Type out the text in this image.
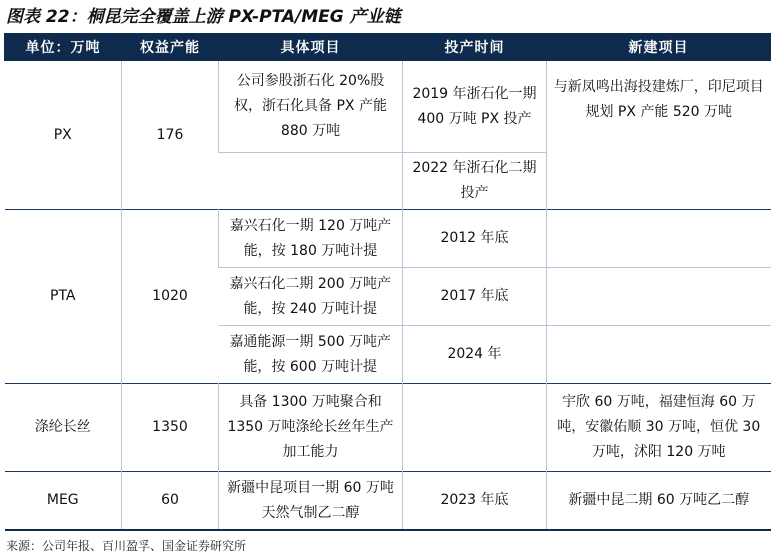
图表 22：桐昆完全覆盖上游 PX-PTA/MEG 产业链
单位：万吨	权益产能	具体项目	投产时间	新建项目
PX	176	公司参股浙石化 20%股权，浙石化具备 PX 产能 880 万吨	2019 年浙石化一期 400 万吨 PX 投产	与新凤鸣出海投建炼厂，印尼项目规划 PX 产能 520 万吨
			2022 年浙石化二期投产	
PTA	1020	嘉兴石化一期 120 万吨产能，按 180 万吨计提	2012 年底	
		嘉兴石化二期 200 万吨产能，按 240 万吨计提	2017 年底	
		嘉通能源一期 500 万吨产能，按 600 万吨计提	2024 年	
涤纶长丝	1350	具备 1300 万吨聚合和 1350 万吨涤纶长丝年生产加工能力		宇欣 60 万吨，福建恒海 60 万吨，安徽佑顺 30 万吨，恒优 30 万吨，沭阳 120 万吨
MEG	60	新疆中昆项目一期 60 万吨天然气制乙二醇	2023 年底	新疆中昆二期 60 万吨乙二醇
来源：公司年报、百川盈孚、国金证券研究所
